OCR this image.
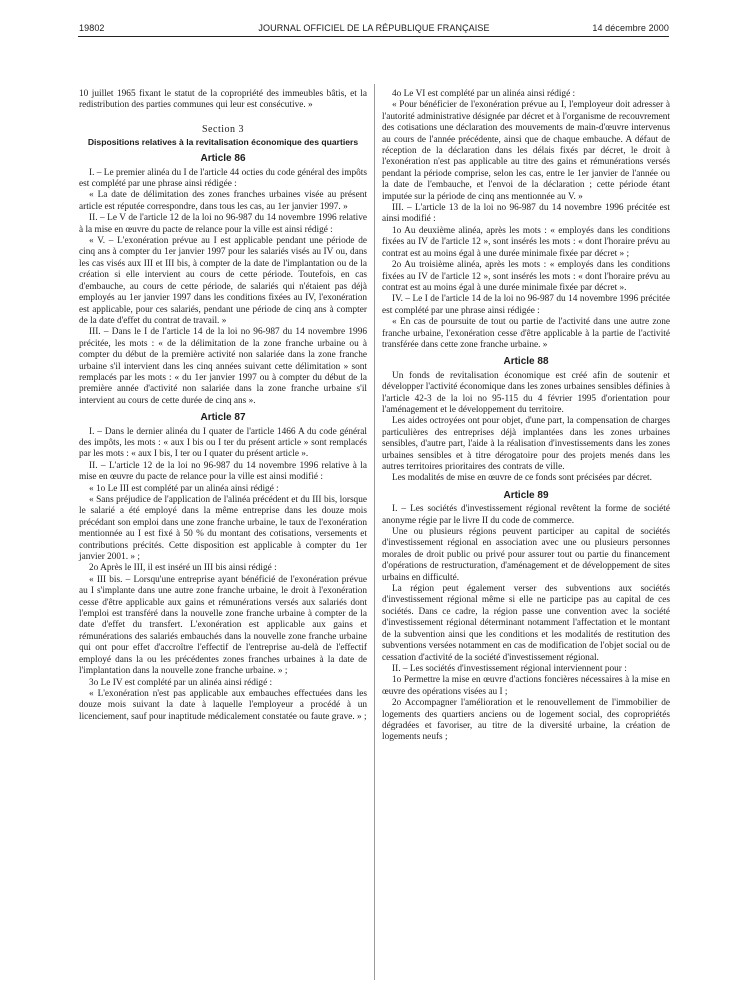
19802	JOURNAL OFFICIEL DE LA RÉPUBLIQUE FRANÇAISE	14 décembre 2000

10 juillet 1965 fixant le statut de la copropriété des immeubles bâtis, et la redistribution des parties communes qui leur est consécutive. »

Section 3
Dispositions relatives à la revitalisation économique des quartiers
Article 86

I. – Le premier alinéa du I de l'article 44 octies du code général des impôts est complété par une phrase ainsi rédigée :

« La date de délimitation des zones franches urbaines visée au présent article est réputée correspondre, dans tous les cas, au 1er janvier 1997. »

II. – Le V de l'article 12 de la loi no 96-987 du 14 novembre 1996 relative à la mise en œuvre du pacte de relance pour la ville est ainsi rédigé :

« V. – L'exonération prévue au I est applicable pendant une période de cinq ans à compter du 1er janvier 1997 pour les salariés visés au IV ou, dans les cas visés aux III et III bis, à compter de la date de l'implantation ou de la création si elle intervient au cours de cette période. Toutefois, en cas d'embauche, au cours de cette période, de salariés qui n'étaient pas déjà employés au 1er janvier 1997 dans les conditions fixées au IV, l'exonération est applicable, pour ces salariés, pendant une période de cinq ans à compter de la date d'effet du contrat de travail. »

III. – Dans le I de l'article 14 de la loi no 96-987 du 14 novembre 1996 précitée, les mots : « de la délimitation de la zone franche urbaine ou à compter du début de la première activité non salariée dans la zone franche urbaine s'il intervient dans les cinq années suivant cette délimitation » sont remplacés par les mots : « du 1er janvier 1997 ou à compter du début de la première année d'activité non salariée dans la zone franche urbaine s'il intervient au cours de cette durée de cinq ans ».

Article 87

I. – Dans le dernier alinéa du I quater de l'article 1466 A du code général des impôts, les mots : « aux I bis ou I ter du présent article » sont remplacés par les mots : « aux I bis, I ter ou I quater du présent article ».

II. – L'article 12 de la loi no 96-987 du 14 novembre 1996 relative à la mise en œuvre du pacte de relance pour la ville est ainsi modifié :

« 1o Le III est complété par un alinéa ainsi rédigé :

« Sans préjudice de l'application de l'alinéa précédent et du III bis, lorsque le salarié a été employé dans la même entreprise dans les douze mois précédant son emploi dans une zone franche urbaine, le taux de l'exonération mentionnée au I est fixé à 50 % du montant des cotisations, versements et contributions précités. Cette disposition est applicable à compter du 1er janvier 2001. » ;

2o Après le III, il est inséré un III bis ainsi rédigé :

« III bis. – Lorsqu'une entreprise ayant bénéficié de l'exonération prévue au I s'implante dans une autre zone franche urbaine, le droit à l'exonération cesse d'être applicable aux gains et rémunérations versés aux salariés dont l'emploi est transféré dans la nouvelle zone franche urbaine à compter de la date d'effet du transfert. L'exonération est applicable aux gains et rémunérations des salariés embauchés dans la nouvelle zone franche urbaine qui ont pour effet d'accroître l'effectif de l'entreprise au-delà de l'effectif employé dans la ou les précédentes zones franches urbaines à la date de l'implantation dans la nouvelle zone franche urbaine. » ;

3o Le IV est complété par un alinéa ainsi rédigé :

« L'exonération n'est pas applicable aux embauches effectuées dans les douze mois suivant la date à laquelle l'employeur a procédé à un licenciement, sauf pour inaptitude médicalement constatée ou faute grave. » ;

4o Le VI est complété par un alinéa ainsi rédigé :

« Pour bénéficier de l'exonération prévue au I, l'employeur doit adresser à l'autorité administrative désignée par décret et à l'organisme de recouvrement des cotisations une déclaration des mouvements de main-d'œuvre intervenus au cours de l'année précédente, ainsi que de chaque embauche. A défaut de réception de la déclaration dans les délais fixés par décret, le droit à l'exonération n'est pas applicable au titre des gains et rémunérations versés pendant la période comprise, selon les cas, entre le 1er janvier de l'année ou la date de l'embauche, et l'envoi de la déclaration ; cette période étant imputée sur la période de cinq ans mentionnée au V. »

III. – L'article 13 de la loi no 96-987 du 14 novembre 1996 précitée est ainsi modifié :

1o Au deuxième alinéa, après les mots : « employés dans les conditions fixées au IV de l'article 12 », sont insérés les mots : « dont l'horaire prévu au contrat est au moins égal à une durée minimale fixée par décret » ;

2o Au troisième alinéa, après les mots : « employés dans les conditions fixées au IV de l'article 12 », sont insérés les mots : « dont l'horaire prévu au contrat est au moins égal à une durée minimale fixée par décret ».

IV. – Le I de l'article 14 de la loi no 96-987 du 14 novembre 1996 précitée est complété par une phrase ainsi rédigée :

« En cas de poursuite de tout ou partie de l'activité dans une autre zone franche urbaine, l'exonération cesse d'être applicable à la partie de l'activité transférée dans cette zone franche urbaine. »

Article 88

Un fonds de revitalisation économique est créé afin de soutenir et développer l'activité économique dans les zones urbaines sensibles définies à l'article 42-3 de la loi no 95-115 du 4 février 1995 d'orientation pour l'aménagement et le développement du territoire.

Les aides octroyées ont pour objet, d'une part, la compensation de charges particulières des entreprises déjà implantées dans les zones urbaines sensibles, d'autre part, l'aide à la réalisation d'investissements dans les zones urbaines sensibles et à titre dérogatoire pour des projets menés dans les autres territoires prioritaires des contrats de ville.

Les modalités de mise en œuvre de ce fonds sont précisées par décret.

Article 89

I. – Les sociétés d'investissement régional revêtent la forme de société anonyme régie par le livre II du code de commerce.

Une ou plusieurs régions peuvent participer au capital de sociétés d'investissement régional en association avec une ou plusieurs personnes morales de droit public ou privé pour assurer tout ou partie du financement d'opérations de restructuration, d'aménagement et de développement de sites urbains en difficulté.

La région peut également verser des subventions aux sociétés d'investissement régional même si elle ne participe pas au capital de ces sociétés. Dans ce cadre, la région passe une convention avec la société d'investissement régional déterminant notamment l'affectation et le montant de la subvention ainsi que les conditions et les modalités de restitution des subventions versées notamment en cas de modification de l'objet social ou de cessation d'activité de la société d'investissement régional.

II. – Les sociétés d'investissement régional interviennent pour :

1o Permettre la mise en œuvre d'actions foncières nécessaires à la mise en œuvre des opérations visées au I ;

2o Accompagner l'amélioration et le renouvellement de l'immobilier de logements des quartiers anciens ou de logement social, des copropriétés dégradées et favoriser, au titre de la diversité urbaine, la création de logements neufs ;
